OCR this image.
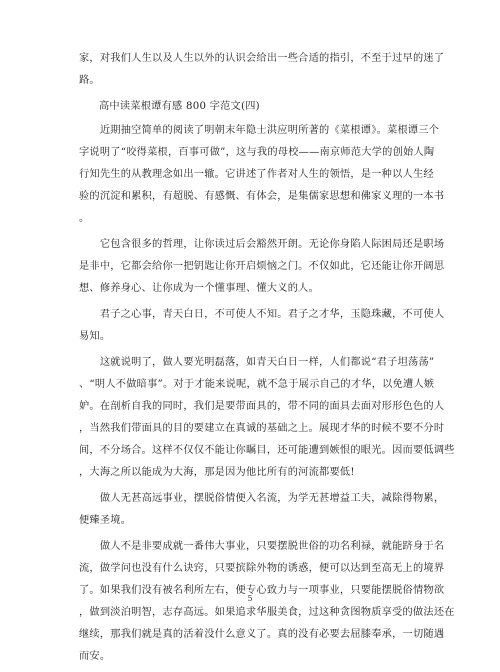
家，对我们人生以及人生以外的认识会给出一些合适的指引，不至于过早的迷了
路。

高中读菜根谭有感 800 字范文(四)

　　近期抽空简单的阅读了明朝末年隐士洪应明所著的《菜根谭》。菜根谭三个
字说明了“咬得菜根，百事可做”，这与我的母校——南京师范大学的创始人陶
行知先生的从教理念如出一辙。它讲述了作者对人生的领悟，是一种以人生经
验的沉淀和累积，有超脱、有感慨、有体会，是集儒家思想和佛家义理的一本书
。

　　它包含很多的哲理，让你读过后会豁然开朗。无论你身陷人际困局还是职场
是非中，它都会给你一把钥匙让你开启烦恼之门。不仅如此，它还能让你开阔思
想、修养身心、让你成为一个懂事理、懂大义的人。

　　君子之心事，青天白日，不可使人不知。君子之才华，玉隐珠藏，不可使人
易知。

　　这就说明了，做人要光明磊落，如青天白日一样，人们都说“君子坦荡荡”
、“明人不做暗事”。对于才能来说呢，就不急于展示自己的才华，以免遭人嫉
妒。在剖析自我的同时，我们是要带面具的，带不同的面具去面对形形色色的人
，当然我们带面具的目的要建立在真诚的基础之上。展现才华的时候不要不分时
间，不分场合。这样不仅仅不能让你瞩目，还可能遭到嫉恨的眼光。因而要低调些
，大海之所以能成为大海，那是因为他比所有的河流都要低!

　　做人无甚高远事业，摆脱俗情便入名流，为学无甚增益工夫，减除得物累，
便臻圣境。

　　做人不是非要成就一番伟大事业，只要摆脱世俗的功名利禄，就能跻身于名
流，做学问也没有什么诀窍，只要摈除外物的诱惑，便可以达到至高无上的境界
了。如果我们没有被名利所左右，便专心致力与一项事业，只要能摆脱俗情物欲
，做到淡泊明智，志存高远。如果追求华服美食，过这种贪图物质享受的做法还在
继续，那我们就是真的活着没什么意义了。真的没有必要去屈膝奉承，一切随遇
而安。

5
